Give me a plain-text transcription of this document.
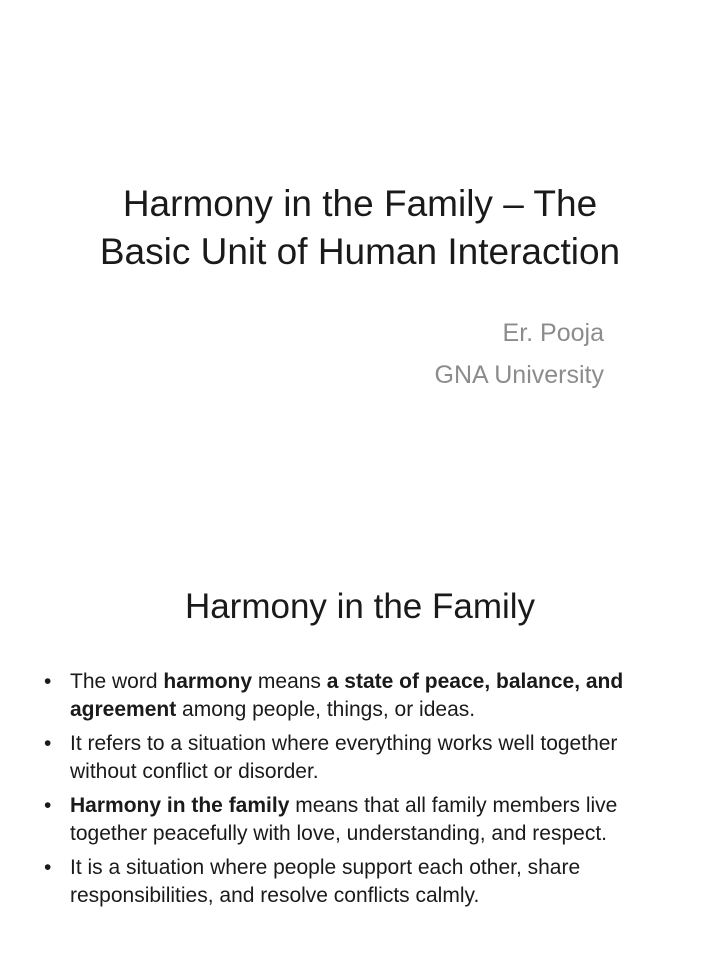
Harmony in the Family – The
Basic Unit of Human Interaction
Er. Pooja
GNA University
Harmony in the Family
• The word harmony means a state of peace, balance, and agreement among people, things, or ideas.
• It refers to a situation where everything works well together without conflict or disorder.
• Harmony in the family means that all family members live together peacefully with love, understanding, and respect.
• It is a situation where people support each other, share responsibilities, and resolve conflicts calmly.
